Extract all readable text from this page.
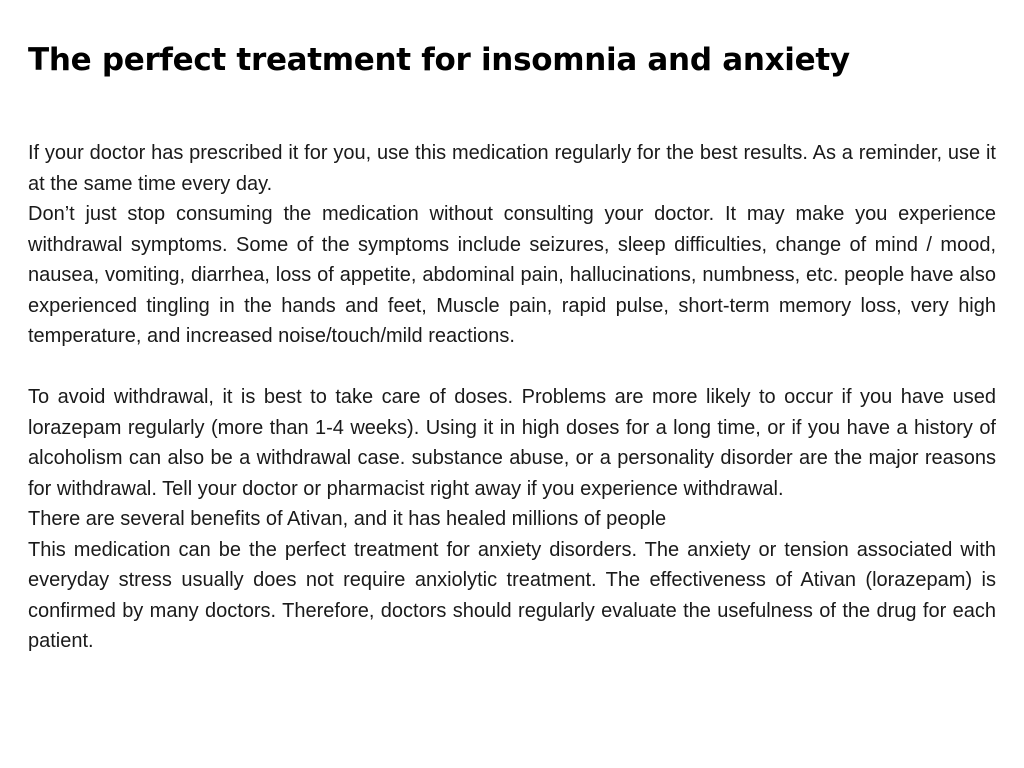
The perfect treatment for insomnia and anxiety

If your doctor has prescribed it for you, use this medication regularly for the best results. As a reminder, use it at the same time every day.

Don’t just stop consuming the medication without consulting your doctor. It may make you experience withdrawal symptoms. Some of the symptoms include seizures, sleep difficulties, change of mind / mood, nausea, vomiting, diarrhea, loss of appetite, abdominal pain, hallucinations, numbness, etc. people have also experienced tingling in the hands and feet, Muscle pain, rapid pulse, short-term memory loss, very high temperature, and increased noise/touch/mild reactions.

To avoid withdrawal, it is best to take care of doses. Problems are more likely to occur if you have used lorazepam regularly (more than 1-4 weeks). Using it in high doses for a long time, or if you have a history of alcoholism can also be a withdrawal case. substance abuse, or a personality disorder are the major reasons for withdrawal. Tell your doctor or pharmacist right away if you experience withdrawal.

There are several benefits of Ativan, and it has healed millions of people

This medication can be the perfect treatment for anxiety disorders. The anxiety or tension associated with everyday stress usually does not require anxiolytic treatment. The effectiveness of Ativan (lorazepam) is confirmed by many doctors. Therefore, doctors should regularly evaluate the usefulness of the drug for each patient.
